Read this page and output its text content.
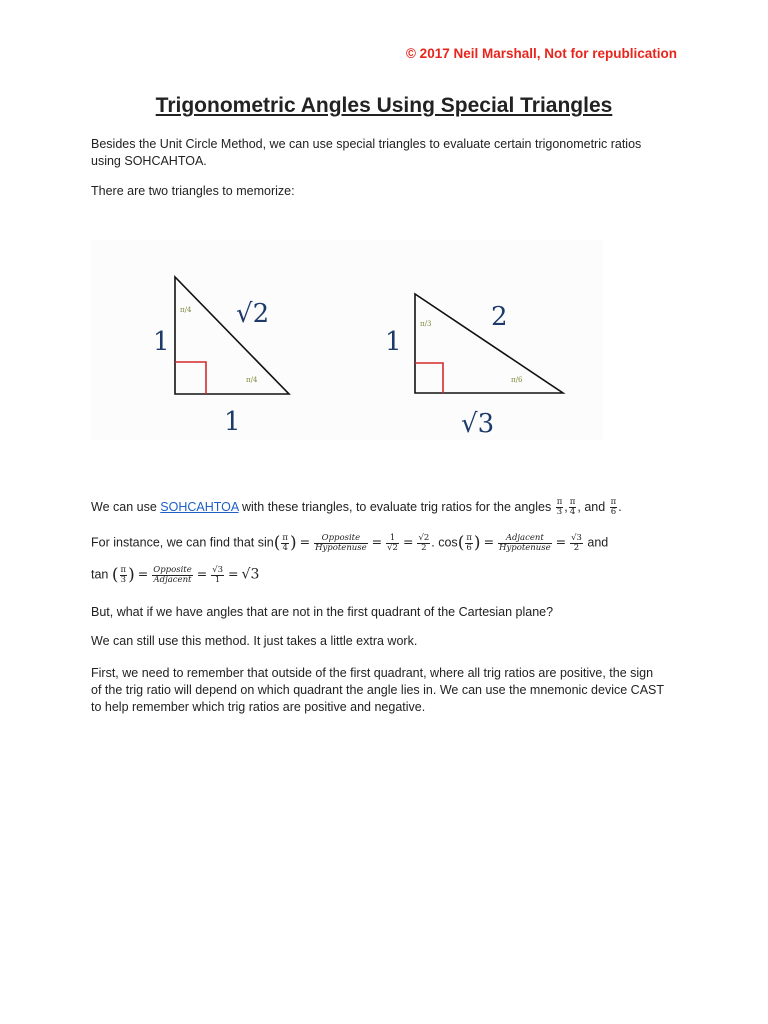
© 2017 Neil Marshall, Not for republication
Trigonometric Angles Using Special Triangles
Besides the Unit Circle Method, we can use special triangles to evaluate certain trigonometric ratios
using SOHCAHTOA.
There are two triangles to memorize:
1
1
√2
π/4
π/4
1
√3
2
π/3
π/6
We can use SOHCAHTOA with these triangles, to evaluate trig ratios for the angles $\frac{\pi}{3}$ , $\frac{\pi}{4}$ , and $\frac{\pi}{6}$ .
For instance, we can find that $\sin( \frac{\pi}{4}$ ) = $\frac{\text{Opposite}}{\text{Hypotenuse}} = \frac{1}{√2} = \frac{√2}{2}$ . $\cos( \frac{\pi}{6}$ ) = $\frac{\text{Adjacent}}{\text{Hypotenuse}} = \frac{√3}{2}$ and
tan ( $\frac{\pi}{3}$ ) = $\frac{\text{Opposite}}{\text{Adjacent}} = \frac{√3}{1} = √3$
But, what if we have angles that are not in the first quadrant of the Cartesian plane?
We can still use this method. It just takes a little extra work.
First, we need to remember that outside of the first quadrant, where all trig ratios are positive, the sign
of the trig ratio will depend on which quadrant the angle lies in. We can use the mnemonic device CAST
to help remember which trig ratios are positive and negative.
